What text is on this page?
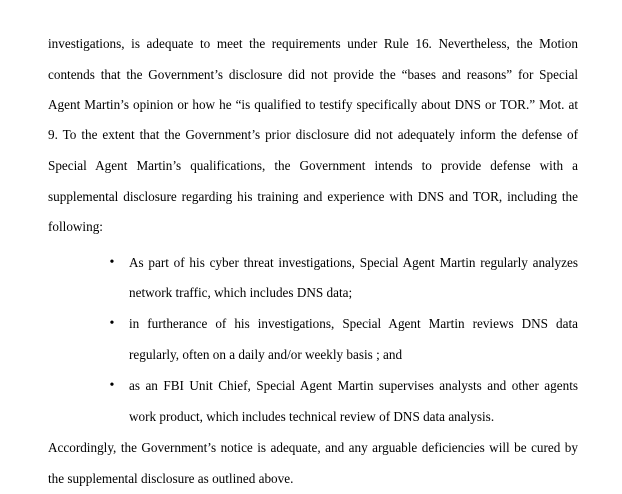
investigations, is adequate to meet the requirements under Rule 16. Nevertheless, the Motion
contends that the Government’s disclosure did not provide the “bases and reasons” for Special
Agent Martin’s opinion or how he “is qualified to testify specifically about DNS or TOR.” Mot. at
9. To the extent that the Government’s prior disclosure did not adequately inform the defense of
Special Agent Martin’s qualifications, the Government intends to provide defense with a
supplemental disclosure regarding his training and experience with DNS and TOR, including the
following:
• As part of his cyber threat investigations, Special Agent Martin regularly analyzes
network traffic, which includes DNS data;
• in furtherance of his investigations, Special Agent Martin reviews DNS data
regularly, often on a daily and/or weekly basis ; and
• as an FBI Unit Chief, Special Agent Martin supervises analysts and other agents
work product, which includes technical review of DNS data analysis.
Accordingly, the Government’s notice is adequate, and any arguable deficiencies will be cured by
the supplemental disclosure as outlined above.
